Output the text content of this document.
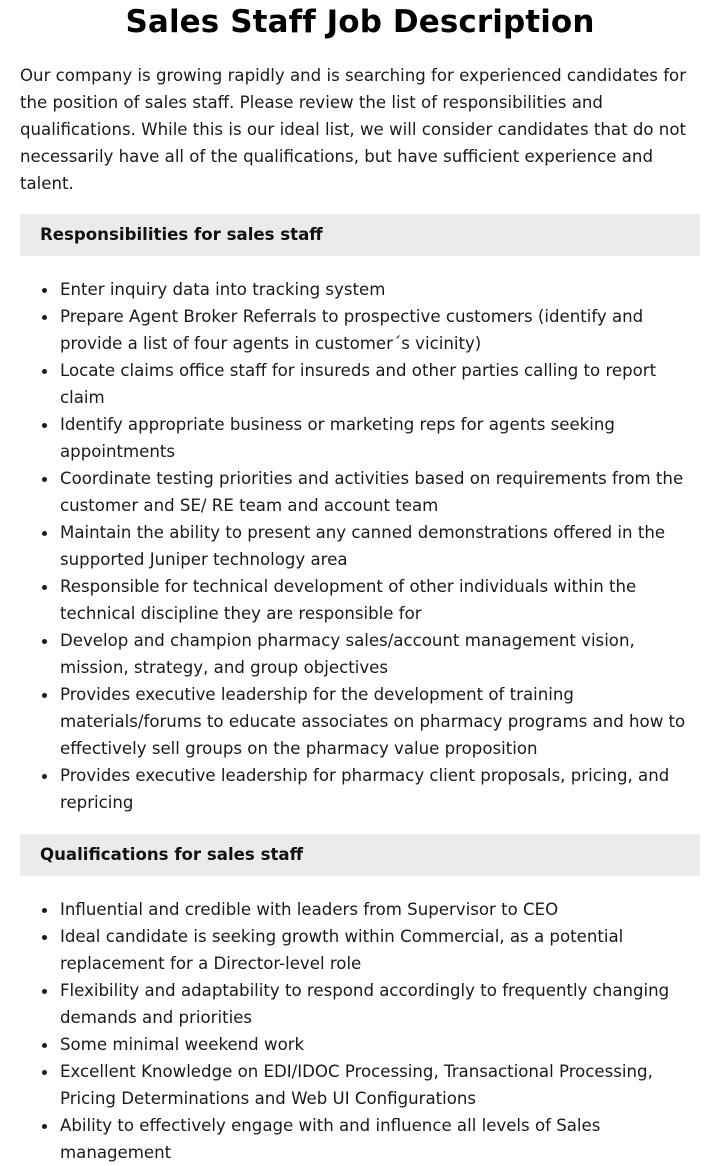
Sales Staff Job Description

Our company is growing rapidly and is searching for experienced candidates for the position of sales staff. Please review the list of responsibilities and qualifications. While this is our ideal list, we will consider candidates that do not necessarily have all of the qualifications, but have sufficient experience and talent.

Responsibilities for sales staff
Enter inquiry data into tracking system
Prepare Agent Broker Referrals to prospective customers (identify and provide a list of four agents in customer´s vicinity)
Locate claims office staff for insureds and other parties calling to report claim
Identify appropriate business or marketing reps for agents seeking appointments
Coordinate testing priorities and activities based on requirements from the customer and SE/ RE team and account team
Maintain the ability to present any canned demonstrations offered in the supported Juniper technology area
Responsible for technical development of other individuals within the technical discipline they are responsible for
Develop and champion pharmacy sales/account management vision, mission, strategy, and group objectives
Provides executive leadership for the development of training materials/forums to educate associates on pharmacy programs and how to effectively sell groups on the pharmacy value proposition
Provides executive leadership for pharmacy client proposals, pricing, and repricing
Qualifications for sales staff
Influential and credible with leaders from Supervisor to CEO
Ideal candidate is seeking growth within Commercial, as a potential replacement for a Director-level role
Flexibility and adaptability to respond accordingly to frequently changing demands and priorities
Some minimal weekend work
Excellent Knowledge on EDI/IDOC Processing, Transactional Processing, Pricing Determinations and Web UI Configurations
Ability to effectively engage with and influence all levels of Sales management
